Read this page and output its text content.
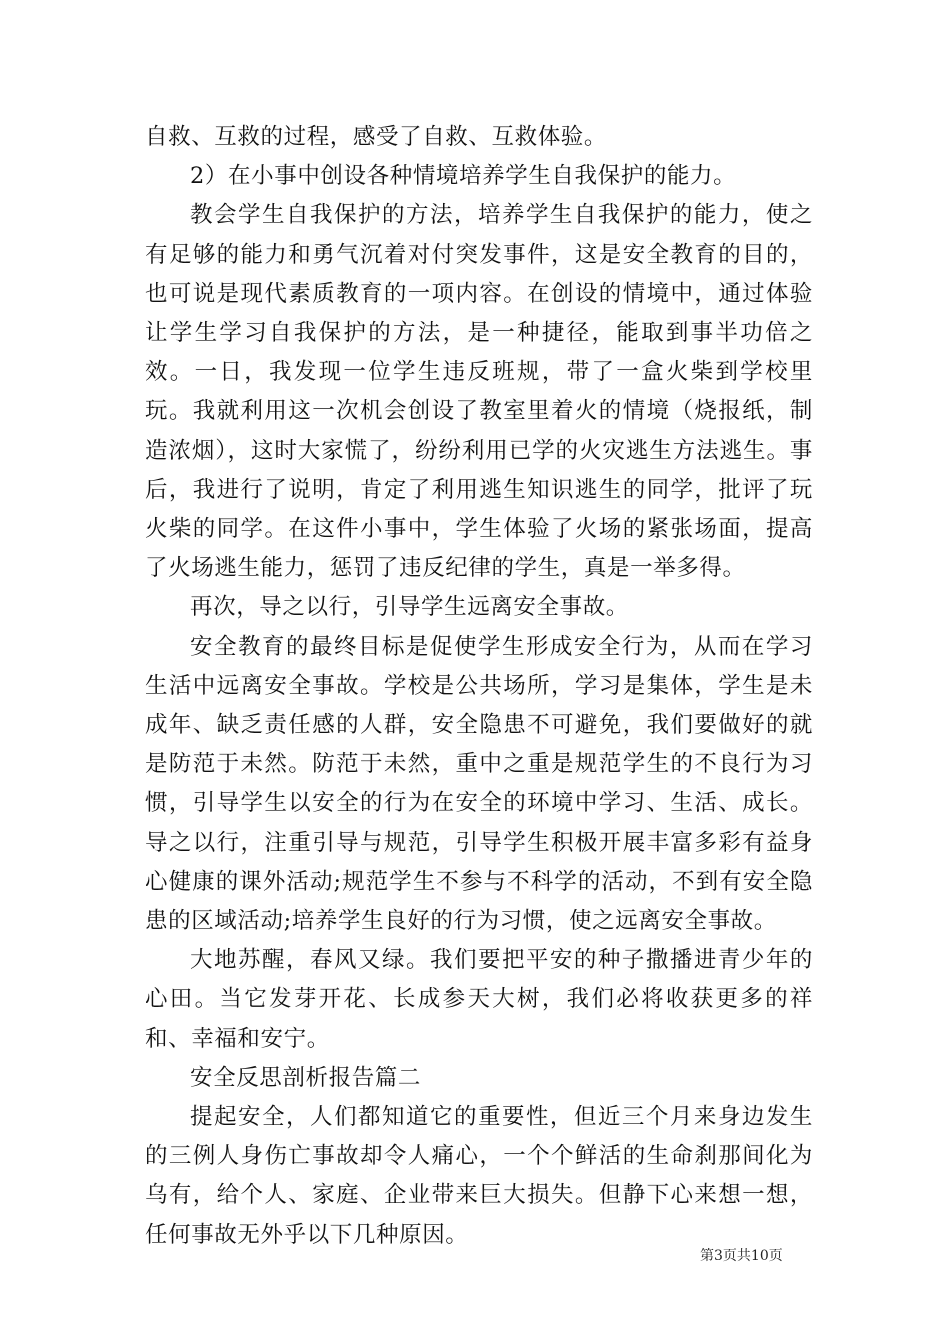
自救、互救的过程，感受了自救、互救体验。

2）在小事中创设各种情境培养学生自我保护的能力。

教会学生自我保护的方法，培养学生自我保护的能力，使之有足够的能力和勇气沉着对付突发事件，这是安全教育的目的，也可说是现代素质教育的一项内容。在创设的情境中，通过体验让学生学习自我保护的方法，是一种捷径，能取到事半功倍之效。一日，我发现一位学生违反班规，带了一盒火柴到学校里玩。我就利用这一次机会创设了教室里着火的情境（烧报纸，制造浓烟），这时大家慌了，纷纷利用已学的火灾逃生方法逃生。事后，我进行了说明，肯定了利用逃生知识逃生的同学，批评了玩火柴的同学。在这件小事中，学生体验了火场的紧张场面，提高了火场逃生能力，惩罚了违反纪律的学生，真是一举多得。

再次，导之以行，引导学生远离安全事故。

安全教育的最终目标是促使学生形成安全行为，从而在学习生活中远离安全事故。学校是公共场所，学习是集体，学生是未成年、缺乏责任感的人群，安全隐患不可避免，我们要做好的就是防范于未然。防范于未然，重中之重是规范学生的不良行为习惯，引导学生以安全的行为在安全的环境中学习、生活、成长。导之以行，注重引导与规范，引导学生积极开展丰富多彩有益身心健康的课外活动;规范学生不参与不科学的活动，不到有安全隐患的区域活动;培养学生良好的行为习惯，使之远离安全事故。

大地苏醒，春风又绿。我们要把平安的种子撒播进青少年的心田。当它发芽开花、长成参天大树，我们必将收获更多的祥和、幸福和安宁。

安全反思剖析报告篇二

提起安全，人们都知道它的重要性，但近三个月来身边发生的三例人身伤亡事故却令人痛心，一个个鲜活的生命刹那间化为乌有，给个人、家庭、企业带来巨大损失。但静下心来想一想，任何事故无外乎以下几种原因。

第3页共10页
